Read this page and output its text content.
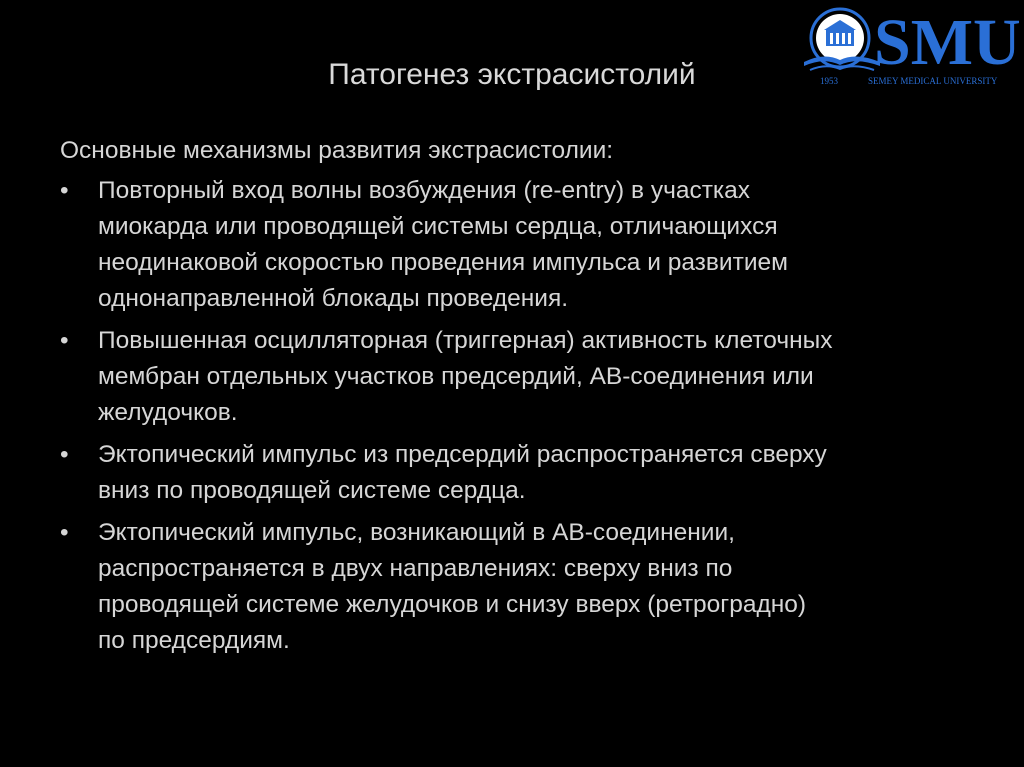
SMU
1953	SEMEY MEDICAL UNIVERSITY
Патогенез экстрасистолий

Основные механизмы развития экстрасистолии:

•	Повторный вход волны возбуждения (re-entry) в участках
миокарда или проводящей системы сердца, отличающихся
неодинаковой скоростью проведения импульса и развитием
однонаправленной блокады проведения.
•	Повышенная осцилляторная (триггерная) активность клеточных
мембран отдельных участков предсердий, АВ-соединения или
желудочков.
•	Эктопический импульс из предсердий распространяется сверху
вниз по проводящей системе сердца.
•	Эктопический импульс, возникающий в АВ-соединении,
распространяется в двух направлениях: сверху вниз по
проводящей системе желудочков и снизу вверх (ретроградно)
по предсердиям.
